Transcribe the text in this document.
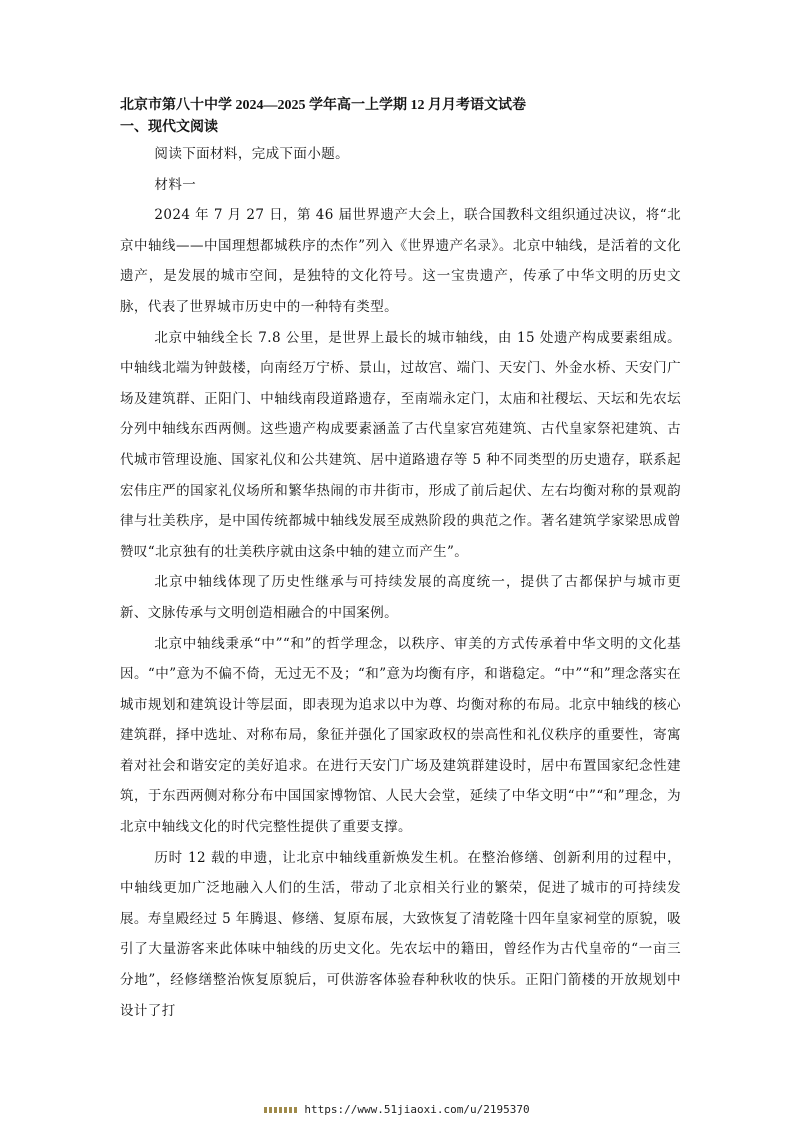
北京市第八十中学 2024—2025 学年高一上学期 12 月月考语文试卷
一、现代文阅读

阅读下面材料，完成下面小题。

材料一

2024 年 7 月 27 日，第 46 届世界遗产大会上，联合国教科文组织通过决议，将“北京中轴线——中国理想都城秩序的杰作”列入《世界遗产名录》。北京中轴线，是活着的文化遗产，是发展的城市空间，是独特的文化符号。这一宝贵遗产，传承了中华文明的历史文脉，代表了世界城市历史中的一种特有类型。

北京中轴线全长 7.8 公里，是世界上最长的城市轴线，由 15 处遗产构成要素组成。中轴线北端为钟鼓楼，向南经万宁桥、景山，过故宫、端门、天安门、外金水桥、天安门广场及建筑群、正阳门、中轴线南段道路遗存，至南端永定门，太庙和社稷坛、天坛和先农坛分列中轴线东西两侧。这些遗产构成要素涵盖了古代皇家宫苑建筑、古代皇家祭祀建筑、古代城市管理设施、国家礼仪和公共建筑、居中道路遗存等 5 种不同类型的历史遗存，联系起宏伟庄严的国家礼仪场所和繁华热闹的市井街市，形成了前后起伏、左右均衡对称的景观韵律与壮美秩序，是中国传统都城中轴线发展至成熟阶段的典范之作。著名建筑学家梁思成曾赞叹“北京独有的壮美秩序就由这条中轴的建立而产生”。

北京中轴线体现了历史性继承与可持续发展的高度统一，提供了古都保护与城市更新、文脉传承与文明创造相融合的中国案例。

北京中轴线秉承“中”“和”的哲学理念，以秩序、审美的方式传承着中华文明的文化基因。“中”意为不偏不倚，无过无不及；“和”意为均衡有序，和谐稳定。“中”“和”理念落实在城市规划和建筑设计等层面，即表现为追求以中为尊、均衡对称的布局。北京中轴线的核心建筑群，择中选址、对称布局，象征并强化了国家政权的崇高性和礼仪秩序的重要性，寄寓着对社会和谐安定的美好追求。在进行天安门广场及建筑群建设时，居中布置国家纪念性建筑，于东西两侧对称分布中国国家博物馆、人民大会堂，延续了中华文明“中”“和”理念，为北京中轴线文化的时代完整性提供了重要支撑。

历时 12 载的申遗，让北京中轴线重新焕发生机。在整治修缮、创新利用的过程中，中轴线更加广泛地融入人们的生活，带动了北京相关行业的繁荣，促进了城市的可持续发展。寿皇殿经过 5 年腾退、修缮、复原布展，大致恢复了清乾隆十四年皇家祠堂的原貌，吸引了大量游客来此体味中轴线的历史文化。先农坛中的籍田，曾经作为古代皇帝的“一亩三分地”，经修缮整治恢复原貌后，可供游客体验春种秋收的快乐。正阳门箭楼的开放规划中设计了打

https://www.51jiaoxi.com/u/2195370
